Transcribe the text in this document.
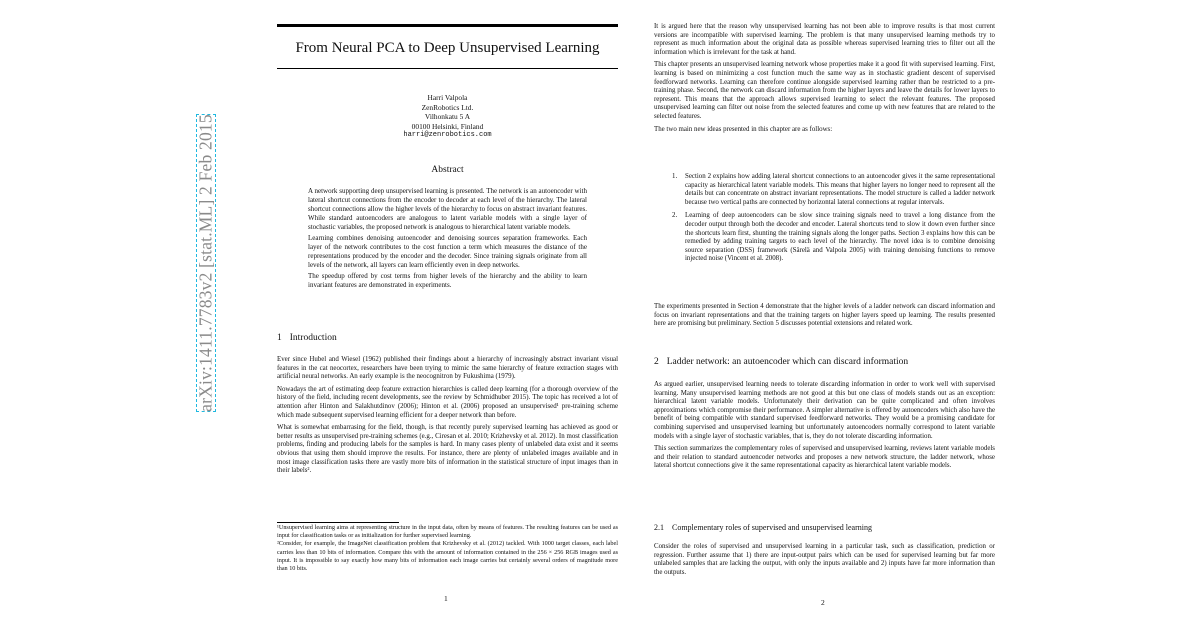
arXiv:1411.7783v2 [stat.ML] 2 Feb 2015
From Neural PCA to Deep Unsupervised Learning
Harri Valpola
ZenRobotics Ltd.
Vilhonkatu 5 A
00100 Helsinki, Finland
harri@zenrobotics.com
Abstract

A network supporting deep unsupervised learning is presented. The network is an autoencoder with lateral shortcut connections from the encoder to decoder at each level of the hierarchy. The lateral shortcut connections allow the higher levels of the hierarchy to focus on abstract invariant features. While standard autoencoders are analogous to latent variable models with a single layer of stochastic variables, the proposed network is analogous to hierarchical latent variable models.

Learning combines denoising autoencoder and denoising sources separation frameworks. Each layer of the network contributes to the cost function a term which measures the distance of the representations produced by the encoder and the decoder. Since training signals originate from all levels of the network, all layers can learn efficiently even in deep networks.

The speedup offered by cost terms from higher levels of the hierarchy and the ability to learn invariant features are demonstrated in experiments.

1 Introduction

Ever since Hubel and Wiesel (1962) published their findings about a hierarchy of increasingly abstract invariant visual features in the cat neocortex, researchers have been trying to mimic the same hierarchy of feature extraction stages with artificial neural networks. An early example is the neocognitron by Fukushima (1979).

Nowadays the art of estimating deep feature extraction hierarchies is called deep learning (for a thorough overview of the history of the field, including recent developments, see the review by Schmidhuber 2015). The topic has received a lot of attention after Hinton and Salakhutdinov (2006); Hinton et al. (2006) proposed an unsupervised¹ pre-training scheme which made subsequent supervised learning efficient for a deeper network than before.

What is somewhat embarrasing for the field, though, is that recently purely supervised learning has achieved as good or better results as unsupervised pre-training schemes (e.g., Ciresan et al. 2010; Krizhevsky et al. 2012). In most classification problems, finding and producing labels for the samples is hard. In many cases plenty of unlabeled data exist and it seems obvious that using them should improve the results. For instance, there are plenty of unlabeled images available and in most image classification tasks there are vastly more bits of information in the statistical structure of input images than in their labels².

¹Unsupervised learning aims at representing structure in the input data, often by means of features. The resulting features can be used as input for classification tasks or as initialization for further supervised learning.

²Consider, for example, the ImageNet classification problem that Krizhevsky et al. (2012) tackled. With 1000 target classes, each label carries less than 10 bits of information. Compare this with the amount of information contained in the 256 × 256 RGB images used as input. It is impossible to say exactly how many bits of information each image carries but certainly several orders of magnitude more than 10 bits.

1

It is argued here that the reason why unsupervised learning has not been able to improve results is that most current versions are incompatible with supervised learning. The problem is that many unsupervised learning methods try to represent as much information about the original data as possible whereas supervised learning tries to filter out all the information which is irrelevant for the task at hand.

This chapter presents an unsupervised learning network whose properties make it a good fit with supervised learning. First, learning is based on minimizing a cost function much the same way as in stochastic gradient descent of supervised feedforward networks. Learning can therefore continue alongside supervised learning rather than be restricted to a pre-training phase. Second, the network can discard information from the higher layers and leave the details for lower layers to represent. This means that the approach allows supervised learning to select the relevant features. The proposed unsupervised learning can filter out noise from the selected features and come up with new features that are related to the selected features.

The two main new ideas presented in this chapter are as follows:

1. Section 2 explains how adding lateral shortcut connections to an autoencoder gives it the same representational capacity as hierarchical latent variable models. This means that higher layers no longer need to represent all the details but can concentrate on abstract invariant representations. The model structure is called a ladder network because two vertical paths are connected by horizontal lateral connections at regular intervals.
2. Learning of deep autoencoders can be slow since training signals need to travel a long distance from the decoder output through both the decoder and encoder. Lateral shortcuts tend to slow it down even further since the shortcuts learn first, shunting the training signals along the longer paths. Section 3 explains how this can be remedied by adding training targets to each level of the hierarchy. The novel idea is to combine denoising source separation (DSS) framework (Särelä and Valpola 2005) with training denoising functions to remove injected noise (Vincent et al. 2008).

The experiments presented in Section 4 demonstrate that the higher levels of a ladder network can discard information and focus on invariant representations and that the training targets on higher layers speed up learning. The results presented here are promising but preliminary. Section 5 discusses potential extensions and related work.

2 Ladder network: an autoencoder which can discard information

As argued earlier, unsupervised learning needs to tolerate discarding information in order to work well with supervised learning. Many unsupervised learning methods are not good at this but one class of models stands out as an exception: hierarchical latent variable models. Unfortunately their derivation can be quite complicated and often involves approximations which compromise their performance. A simpler alternative is offered by autoencoders which also have the benefit of being compatible with standard supervised feedforward networks. They would be a promising candidate for combining supervised and unsupervised learning but unfortunately autoencoders normally correspond to latent variable models with a single layer of stochastic variables, that is, they do not tolerate discarding information.

This section summarizes the complementary roles of supervised and unsupervised learning, reviews latent variable models and their relation to standard autoencoder networks and proposes a new network structure, the ladder network, whose lateral shortcut connections give it the same representational capacity as hierarchical latent variable models.

2.1 Complementary roles of supervised and unsupervised learning

Consider the roles of supervised and unsupervised learning in a particular task, such as classification, prediction or regression. Further assume that 1) there are input-output pairs which can be used for supervised learning but far more unlabeled samples that are lacking the output, with only the inputs available and 2) inputs have far more information than the outputs.

2
